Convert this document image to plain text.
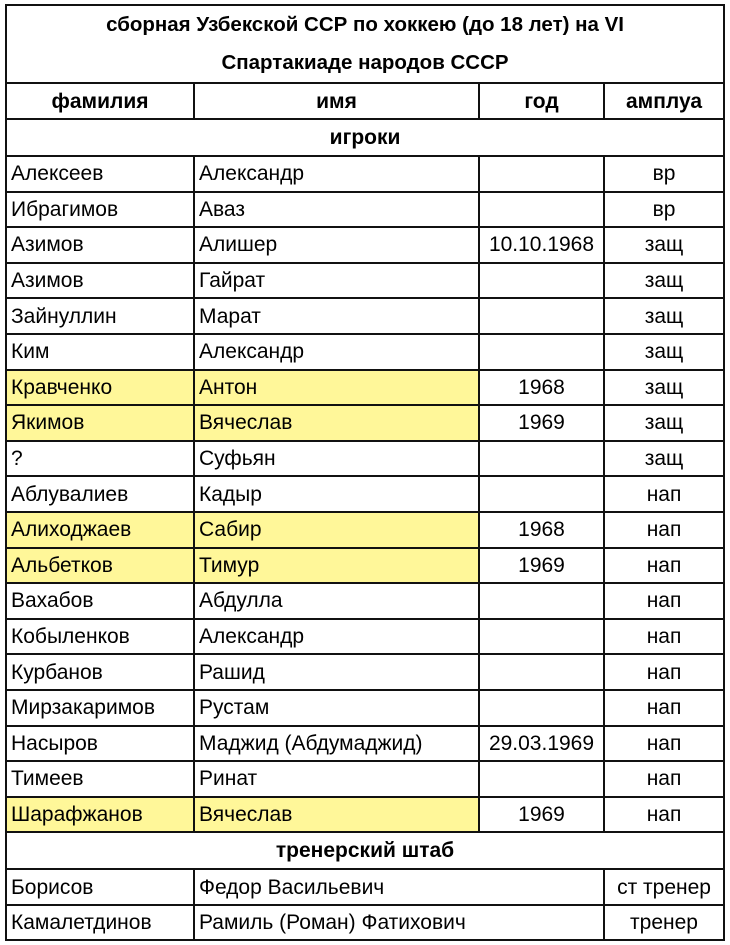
сборная Узбекской ССР по хоккею (до 18 лет) на VI			
Спартакиаде народов СССР			
фамилия	имя	год	амплуа
игроки			
Алексеев	Александр		вр
Ибрагимов	Аваз		вр
Азимов	Алишер	10.10.1968	защ
Азимов	Гайрат		защ
Зайнуллин	Марат		защ
Ким	Александр		защ
Кравченко	Антон	1968	защ
Якимов	Вячеслав	1969	защ
?	Суфьян		защ
Аблувалиев	Кадыр		нап
Алиходжаев	Сабир	1968	нап
Альбетков	Тимур	1969	нап
Вахабов	Абдулла		нап
Кобыленков	Александр		нап
Курбанов	Рашид		нап
Мирзакаримов	Рустам		нап
Насыров	Маджид (Абдумаджид)	29.03.1969	нап
Тимеев	Ринат		нап
Шарафжанов	Вячеслав	1969	нап
тренерский штаб			
Борисов	Федор Васильевич		ст тренер
Камалетдинов	Рамиль (Роман) Фатихович		тренер
